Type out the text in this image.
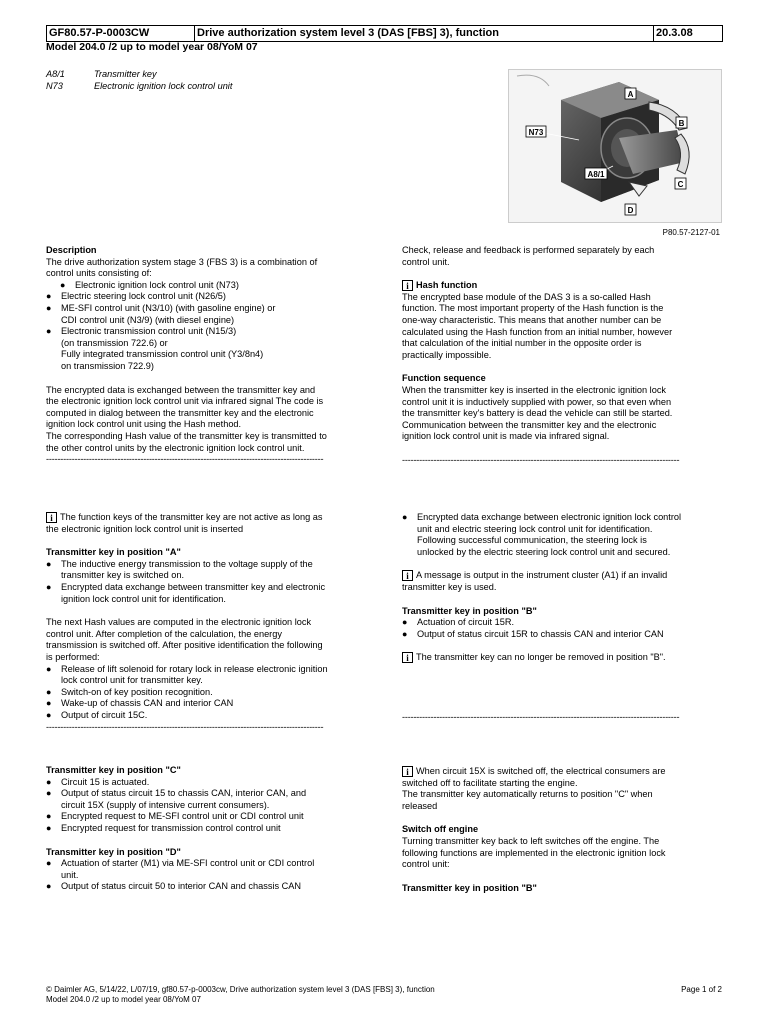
GF80.57-P-0003CW	Drive authorization system level 3 (DAS [FBS] 3), function	20.3.08
Model 204.0 /2 up to model year 08/YoM 07
A8/1	Transmitter key
N73	Electronic ignition lock control unit
N73
A
B
A8/1
C
D
P80.57-2127-01
Description
The drive authorization system stage 3 (FBS 3) is a combination of
control units consisting of:
●	Electronic ignition lock control unit (N73)
●	Electric steering lock control unit (N26/5)
●	ME-SFI control unit (N3/10) (with gasoline engine) or
CDI control unit (N3/9) (with diesel engine)
●	Electronic transmission control unit (N15/3)
(on transmission 722.6) or
Fully integrated transmission control unit (Y3/8n4)
on transmission 722.9)
The encrypted data is exchanged between the transmitter key and
the electronic ignition lock control unit via infrared signal The code is
computed in dialog between the transmitter key and the electronic
ignition lock control unit using the Hash method.
The corresponding Hash value of the transmitter key is transmitted to
the other control units by the electronic ignition lock control unit.
-------------------------------------------------------------------------------------------------
Check, release and feedback is performed separately by each
control unit.
i Hash function
The encrypted base module of the DAS 3 is a so-called Hash
function. The most important property of the Hash function is the
one-way characteristic. This means that another number can be
calculated using the Hash function from an initial number, however
that calculation of the initial number in the opposite order is
practically impossible.
Function sequence
When the transmitter key is inserted in the electronic ignition lock
control unit it is inductively supplied with power, so that even when
the transmitter key's battery is dead the vehicle can still be started.
Communication between the transmitter key and the electronic
ignition lock control unit is made via infrared signal.
-------------------------------------------------------------------------------------------------
i The function keys of the transmitter key are not active as long as
the electronic ignition lock control unit is inserted
Transmitter key in position "A"
●	The inductive energy transmission to the voltage supply of the
transmitter key is switched on.
●	Encrypted data exchange between transmitter key and electronic
ignition lock control unit for identification.
The next Hash values are computed in the electronic ignition lock
control unit. After completion of the calculation, the energy
transmission is switched off. After positive identification the following
is performed:
●	Release of lift solenoid for rotary lock in release electronic ignition
lock control unit for transmitter key.
●	Switch-on of key position recognition.
●	Wake-up of chassis CAN and interior CAN
●	Output of circuit 15C.
-------------------------------------------------------------------------------------------------
●	Encrypted data exchange between electronic ignition lock control
unit and electric steering lock control unit for identification.
Following successful communication, the steering lock is
unlocked by the electric steering lock control unit and secured.
i A message is output in the instrument cluster (A1) if an invalid
transmitter key is used.
Transmitter key in position "B"
●	Actuation of circuit 15R.
●	Output of status circuit 15R to chassis CAN and interior CAN
i The transmitter key can no longer be removed in position "B".
-------------------------------------------------------------------------------------------------
Transmitter key in position "C"
●	Circuit 15 is actuated.
●	Output of status circuit 15 to chassis CAN, interior CAN, and
circuit 15X (supply of intensive current consumers).
●	Encrypted request to ME-SFI control unit or CDI control unit
●	Encrypted request for transmission control control unit
Transmitter key in position "D"
●	Actuation of starter (M1) via ME-SFI control unit or CDI control
unit.
●	Output of status circuit 50 to interior CAN and chassis CAN
i When circuit 15X is switched off, the electrical consumers are
switched off to facilitate starting the engine.
The transmitter key automatically returns to position "C" when
released
Switch off engine
Turning transmitter key back to left switches off the engine. The
following functions are implemented in the electronic ignition lock
control unit:
Transmitter key in position "B"
© Daimler AG, 5/14/22, L/07/19, gf80.57-p-0003cw, Drive authorization system level 3 (DAS [FBS] 3), function
Model 204.0 /2 up to model year 08/YoM 07
Page 1 of 2
